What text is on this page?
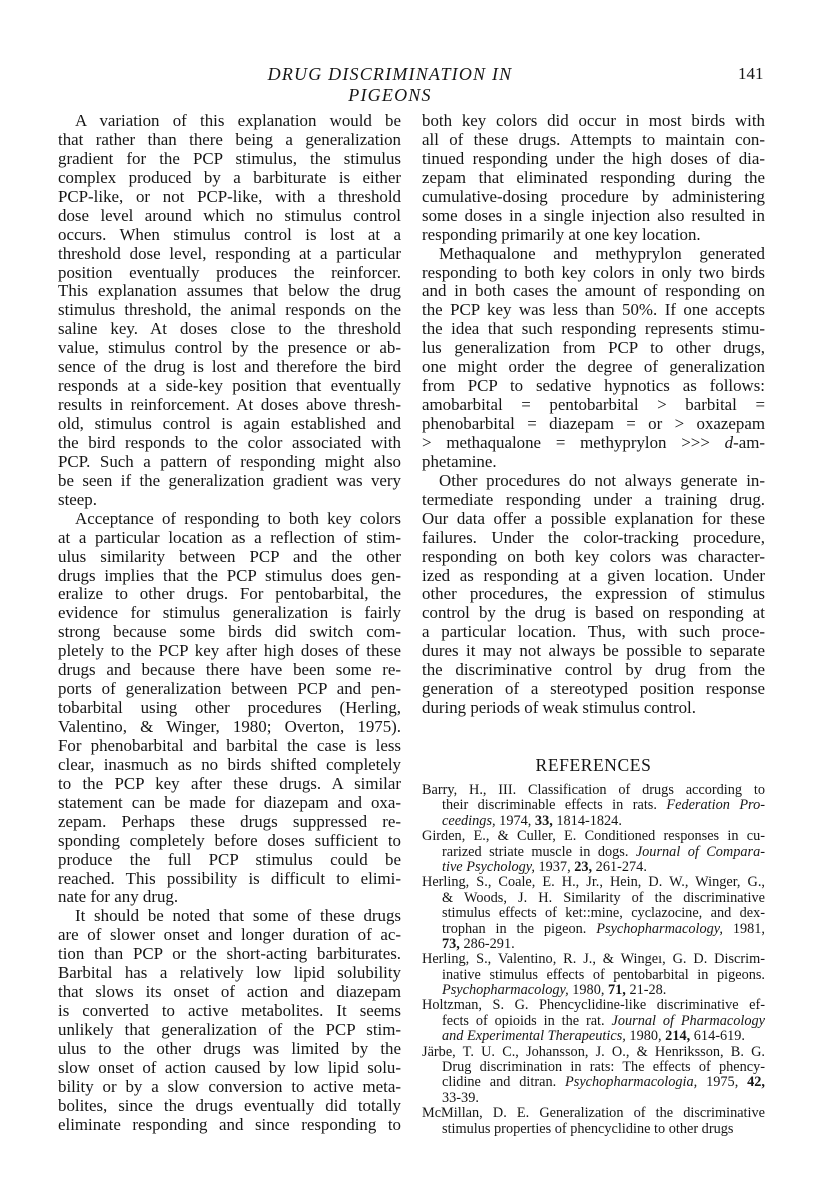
DRUG DISCRIMINATION IN PIGEONS
141
A variation of this explanation would be
that rather than there being a generalization
gradient for the PCP stimulus, the stimulus
complex produced by a barbiturate is either
PCP-like, or not PCP-like, with a threshold
dose level around which no stimulus control
occurs. When stimulus control is lost at a
threshold dose level, responding at a particular
position eventually produces the reinforcer.
This explanation assumes that below the drug
stimulus threshold, the animal responds on the
saline key. At doses close to the threshold
value, stimulus control by the presence or ab-
sence of the drug is lost and therefore the bird
responds at a side-key position that eventually
results in reinforcement. At doses above thresh-
old, stimulus control is again established and
the bird responds to the color associated with
PCP. Such a pattern of responding might also
be seen if the generalization gradient was very
steep.
Acceptance of responding to both key colors
at a particular location as a reflection of stim-
ulus similarity between PCP and the other
drugs implies that the PCP stimulus does gen-
eralize to other drugs. For pentobarbital, the
evidence for stimulus generalization is fairly
strong because some birds did switch com-
pletely to the PCP key after high doses of these
drugs and because there have been some re-
ports of generalization between PCP and pen-
tobarbital using other procedures (Herling,
Valentino, & Winger, 1980; Overton, 1975).
For phenobarbital and barbital the case is less
clear, inasmuch as no birds shifted completely
to the PCP key after these drugs. A similar
statement can be made for diazepam and oxa-
zepam. Perhaps these drugs suppressed re-
sponding completely before doses sufficient to
produce the full PCP stimulus could be
reached. This possibility is difficult to elimi-
nate for any drug.
It should be noted that some of these drugs
are of slower onset and longer duration of ac-
tion than PCP or the short-acting barbiturates.
Barbital has a relatively low lipid solubility
that slows its onset of action and diazepam
is converted to active metabolites. It seems
unlikely that generalization of the PCP stim-
ulus to the other drugs was limited by the
slow onset of action caused by low lipid solu-
bility or by a slow conversion to active meta-
bolites, since the drugs eventually did totally
eliminate responding and since responding to
both key colors did occur in most birds with
all of these drugs. Attempts to maintain con-
tinued responding under the high doses of dia-
zepam that eliminated responding during the
cumulative-dosing procedure by administering
some doses in a single injection also resulted in
responding primarily at one key location.
Methaqualone and methyprylon generated
responding to both key colors in only two birds
and in both cases the amount of responding on
the PCP key was less than 50%. If one accepts
the idea that such responding represents stimu-
lus generalization from PCP to other drugs,
one might order the degree of generalization
from PCP to sedative hypnotics as follows:
amobarbital = pentobarbital > barbital =
phenobarbital = diazepam = or > oxazepam
> methaqualone = methyprylon >>> d-am-
phetamine.
Other procedures do not always generate in-
termediate responding under a training drug.
Our data offer a possible explanation for these
failures. Under the color-tracking procedure,
responding on both key colors was character-
ized as responding at a given location. Under
other procedures, the expression of stimulus
control by the drug is based on responding at
a particular location. Thus, with such proce-
dures it may not always be possible to separate
the discriminative control by drug from the
generation of a stereotyped position response
during periods of weak stimulus control.
REFERENCES
Barry, H., III. Classification of drugs according to
their discriminable effects in rats. Federation Pro-
ceedings, 1974, 33, 1814-1824.
Girden, E., & Culler, E. Conditioned responses in cu-
rarized striate muscle in dogs. Journal of Compara-
tive Psychology, 1937, 23, 261-274.
Herling, S., Coale, E. H., Jr., Hein, D. W., Winger, G.,
& Woods, J. H. Similarity of the discriminative
stimulus effects of ket::mine, cyclazocine, and dex-
trophan in the pigeon. Psychopharmacology, 1981,
73, 286-291.
Herling, S., Valentino, R. J., & Wingeı, G. D. Discrim-
inative stimulus effects of pentobarbital in pigeons.
Psychopharmacology, 1980, 71, 21-28.
Holtzman, S. G. Phencyclidine-like discriminative ef-
fects of opioids in the rat. Journal of Pharmacology
and Experimental Therapeutics, 1980, 214, 614-619.
Järbe, T. U. C., Johansson, J. O., & Henriksson, B. G.
Drug discrimination in rats: The effects of phency-
clidine and ditran. Psychopharmacologia, 1975, 42,
33-39.
McMillan, D. E. Generalization of the discriminative
stimulus properties of phencyclidine to other drugs
